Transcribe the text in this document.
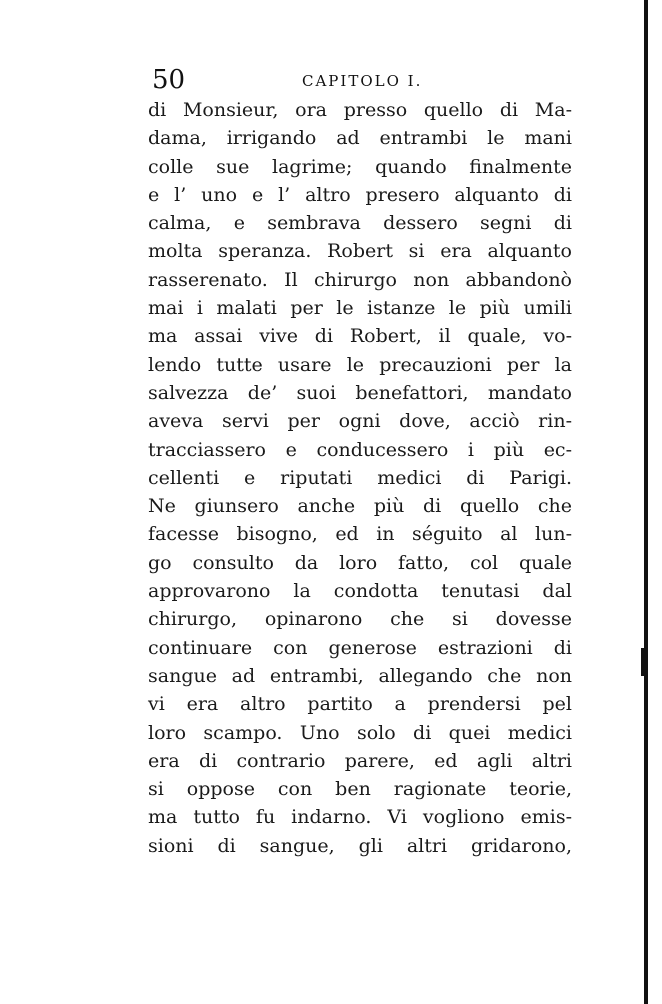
50	CAPITOLO I.
di Monsieur, ora presso quello di Ma-
dama, irrigando ad entrambi le mani
colle sue lagrime; quando finalmente
e l’ uno e l’ altro presero alquanto di
calma, e sembrava dessero segni di
molta speranza. Robert si era alquanto
rasserenato. Il chirurgo non abbandonò
mai i malati per le istanze le più umili
ma assai vive di Robert, il quale, vo-
lendo tutte usare le precauzioni per la
salvezza de’ suoi benefattori, mandato
aveva servi per ogni dove, acciò rin-
tracciassero e conducessero i più ec-
cellenti e riputati medici di Parigi.
Ne giunsero anche più di quello che
facesse bisogno, ed in séguito al lun-
go consulto da loro fatto, col quale
approvarono la condotta tenutasi dal
chirurgo, opinarono che si dovesse
continuare con generose estrazioni di
sangue ad entrambi, allegando che non
vi era altro partito a prendersi pel
loro scampo. Uno solo di quei medici
era di contrario parere, ed agli altri
si oppose con ben ragionate teorie,
ma tutto fu indarno. Vi vogliono emis-
sioni di sangue, gli altri gridarono,
